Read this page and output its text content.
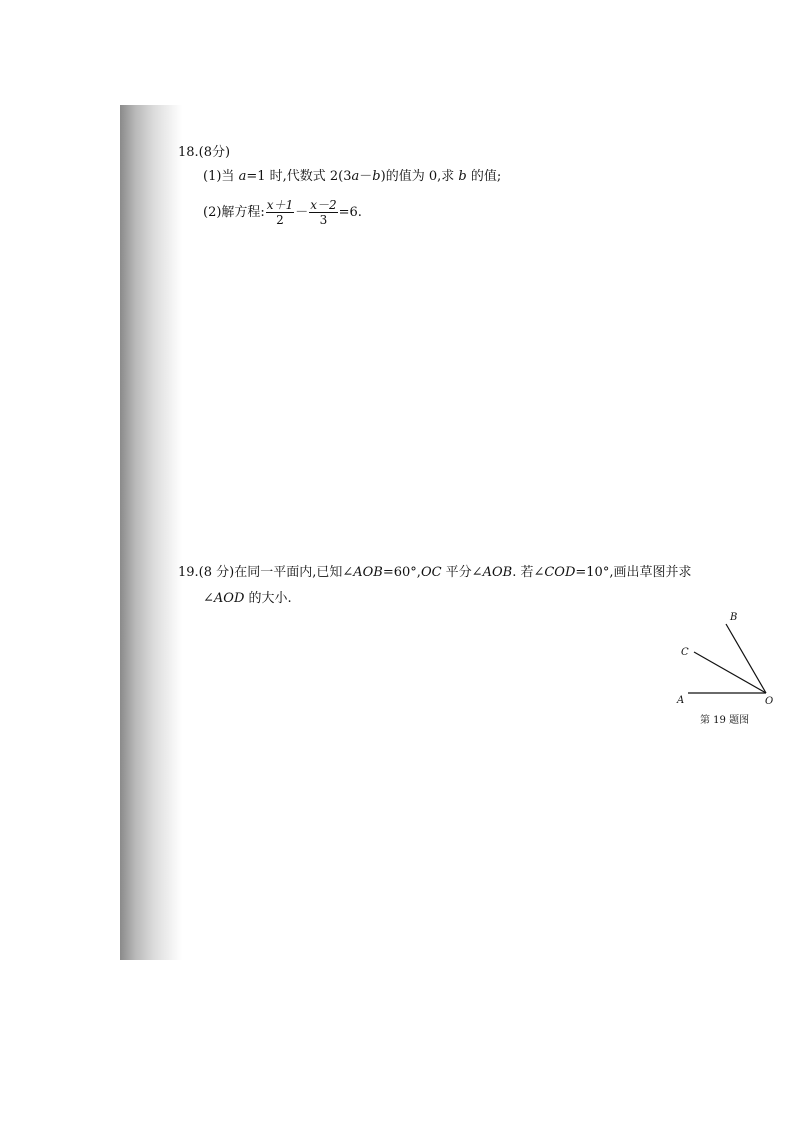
18.(8分)
(1)当 a=1 时,代数式 2(3a－b)的值为 0,求 b 的值;
(2)解方程: $\frac{x+1}{2} - \frac{x-2}{3} =6$.
19.(8 分)在同一平面内,已知∠AOB=60°,OC 平分∠AOB. 若∠COD=10°,画出草图并求
∠AOD 的大小.
B
C
A	O
第 19 题图
